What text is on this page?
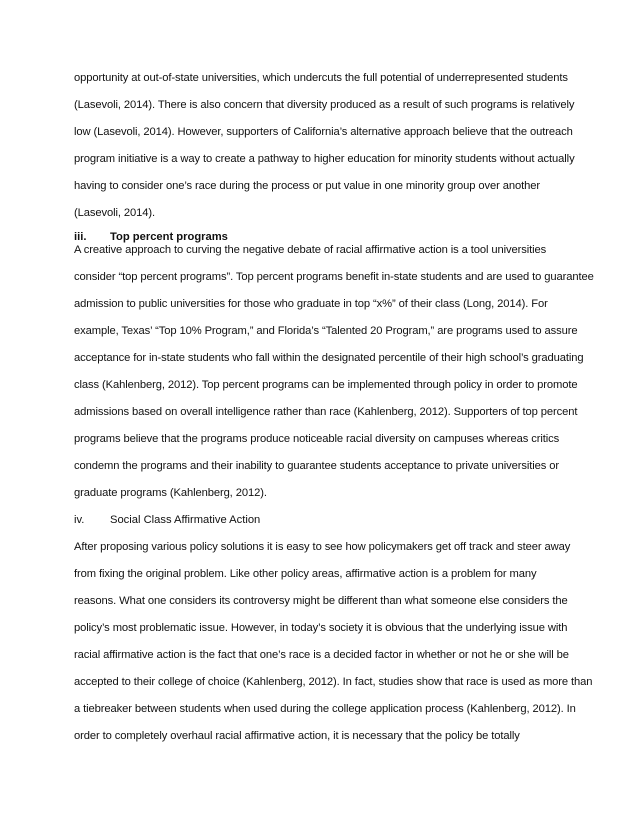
opportunity at out-of-state universities, which undercuts the full potential of underrepresented students
(Lasevoli, 2014). There is also concern that diversity produced as a result of such programs is relatively
low (Lasevoli, 2014). However, supporters of California’s alternative approach believe that the outreach
program initiative is a way to create a pathway to higher education for minority students without actually
having to consider one’s race during the process or put value in one minority group over another
(Lasevoli, 2014).
iii. Top percent programs
A creative approach to curving the negative debate of racial affirmative action is a tool universities
consider “top percent programs”. Top percent programs benefit in-state students and are used to guarantee
admission to public universities for those who graduate in top “x%” of their class (Long, 2014). For
example, Texas’ “Top 10% Program,” and Florida’s “Talented 20 Program,” are programs used to assure
acceptance for in-state students who fall within the designated percentile of their high school’s graduating
class (Kahlenberg, 2012). Top percent programs can be implemented through policy in order to promote
admissions based on overall intelligence rather than race (Kahlenberg, 2012). Supporters of top percent
programs believe that the programs produce noticeable racial diversity on campuses whereas critics
condemn the programs and their inability to guarantee students acceptance to private universities or
graduate programs (Kahlenberg, 2012).
iv. Social Class Affirmative Action
After proposing various policy solutions it is easy to see how policymakers get off track and steer away
from fixing the original problem. Like other policy areas, affirmative action is a problem for many
reasons. What one considers its controversy might be different than what someone else considers the
policy’s most problematic issue. However, in today’s society it is obvious that the underlying issue with
racial affirmative action is the fact that one’s race is a decided factor in whether or not he or she will be
accepted to their college of choice (Kahlenberg, 2012). In fact, studies show that race is used as more than
a tiebreaker between students when used during the college application process (Kahlenberg, 2012). In
order to completely overhaul racial affirmative action, it is necessary that the policy be totally
